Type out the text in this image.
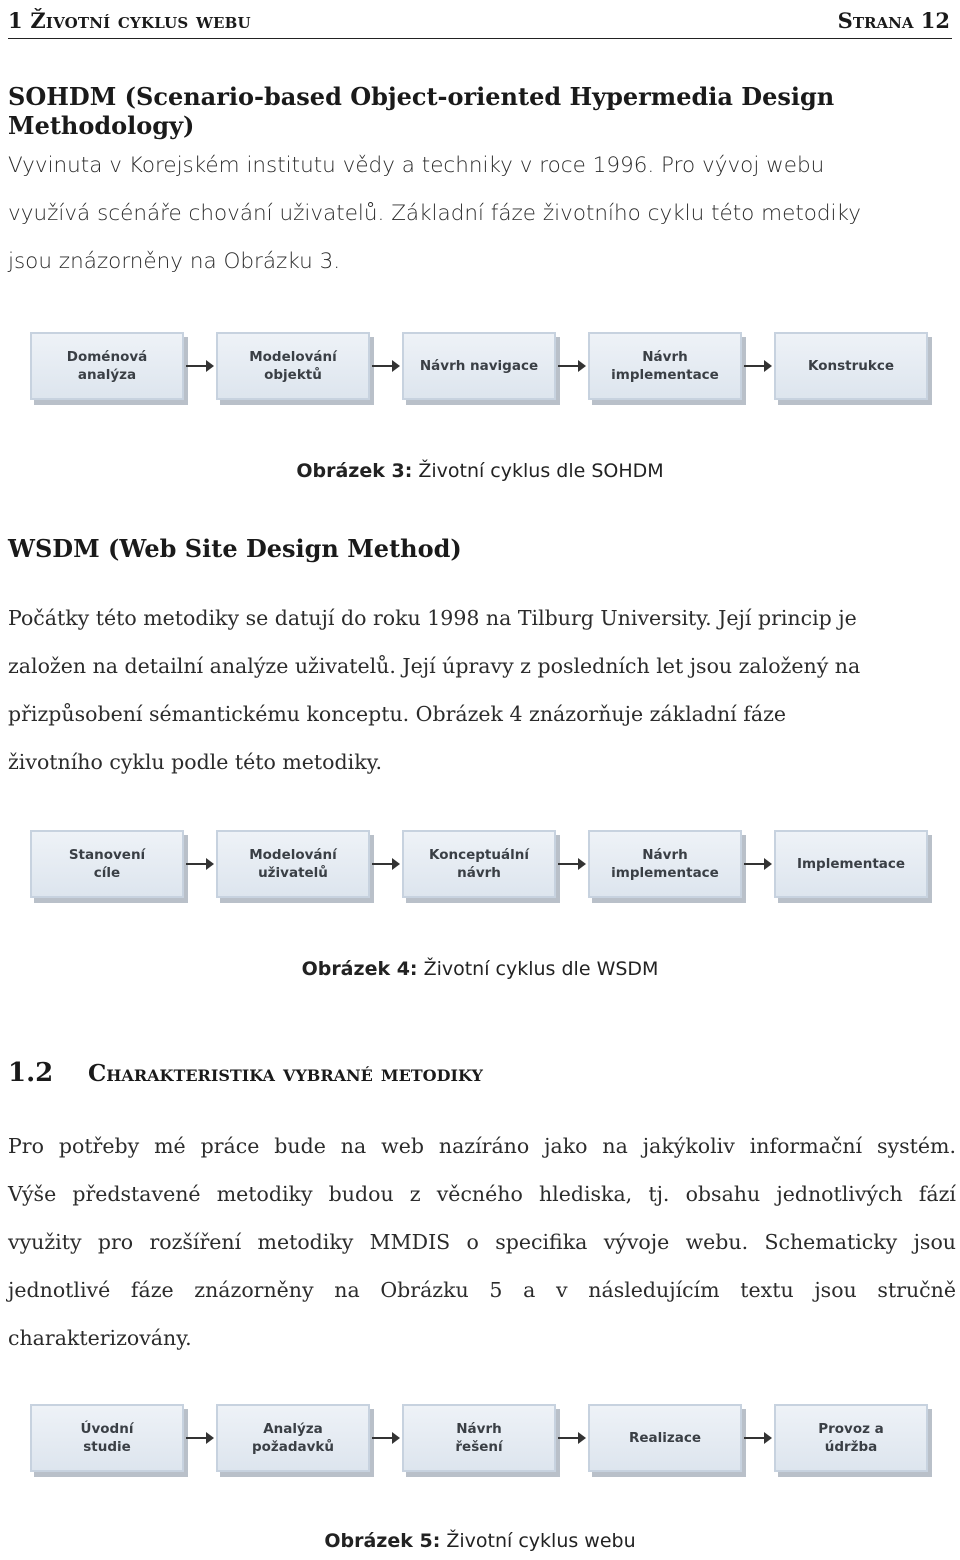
1 Životní cyklus webu	Strana 12
SOHDM (Scenario-based Object-oriented Hypermedia Design Methodology)

Vyvinuta v Korejském institutu vědy a techniky v roce 1996. Pro vývoj webu

využívá scénáře chování uživatelů. Základní fáze životního cyklu této metodiky

jsou znázorněny na Obrázku 3.

Doménová
analýza
Modelování
objektů
Návrh navigace
Návrh
implementace
Konstrukce
Obrázek 3: Životní cyklus dle SOHDM
WSDM (Web Site Design Method)

Počátky této metodiky se datují do roku 1998 na Tilburg University. Její princip je

založen na detailní analýze uživatelů. Její úpravy z posledních let jsou založený na

přizpůsobení sémantickému konceptu. Obrázek 4 znázorňuje základní fáze

životního cyklu podle této metodiky.

Stanovení
cíle
Modelování
uživatelů
Konceptuální
návrh
Návrh
implementace
Implementace
Obrázek 4: Životní cyklus dle WSDM
1.2 Charakteristika vybrané metodiky

Pro potřeby mé práce bude na web nazíráno jako na jakýkoliv informační systém.

Výše představené metodiky budou z věcného hlediska, tj. obsahu jednotlivých fází

využity pro rozšíření metodiky MMDIS o specifika vývoje webu. Schematicky jsou

jednotlivé fáze znázorněny na Obrázku 5 a v následujícím textu jsou stručně

charakterizovány.

Úvodní
studie
Analýza
požadavků
Návrh
řešení
Realizace
Provoz a
údržba
Obrázek 5: Životní cyklus webu
